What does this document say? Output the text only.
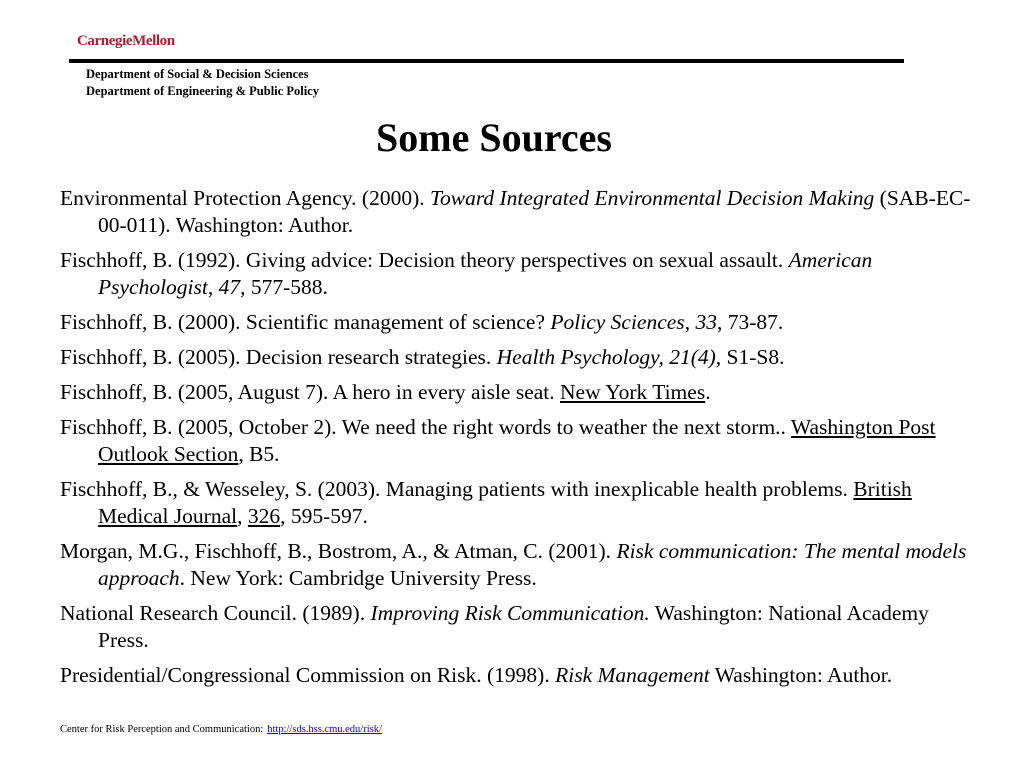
CarnegieMellon
Department of Social & Decision Sciences
Department of Engineering & Public Policy
Some Sources
Environmental Protection Agency. (2000). Toward Integrated Environmental Decision Making (SAB-EC-00-011). Washington: Author.
Fischhoff, B. (1992). Giving advice: Decision theory perspectives on sexual assault. American Psychologist, 47, 577-588.
Fischhoff, B. (2000). Scientific management of science? Policy Sciences, 33, 73-87.
Fischhoff, B. (2005). Decision research strategies. Health Psychology, 21(4), S1-S8.
Fischhoff, B. (2005, August 7). A hero in every aisle seat. New York Times.
Fischhoff, B. (2005, October 2). We need the right words to weather the next storm.. Washington Post Outlook Section, B5.
Fischhoff, B., & Wesseley, S. (2003). Managing patients with inexplicable health problems. British Medical Journal, 326, 595-597.
Morgan, M.G., Fischhoff, B., Bostrom, A., & Atman, C. (2001). Risk communication: The mental models approach. New York: Cambridge University Press.
National Research Council. (1989). Improving Risk Communication. Washington: National Academy Press.
Presidential/Congressional Commission on Risk. (1998). Risk Management Washington: Author.
Center for Risk Perception and Communication: http://sds.hss.cmu.edu/risk/
